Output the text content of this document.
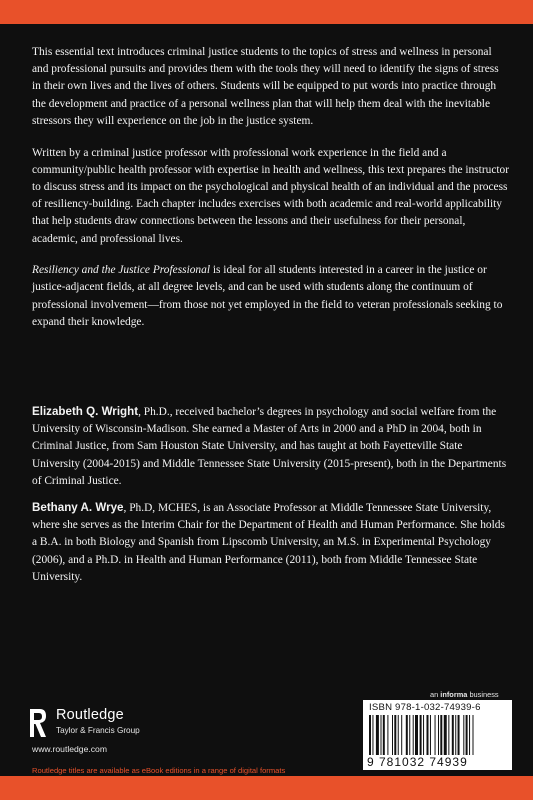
This essential text introduces criminal justice students to the topics of stress and wellness in personal and professional pursuits and provides them with the tools they will need to identify the signs of stress in their own lives and the lives of others. Students will be equipped to put words into practice through the development and practice of a personal wellness plan that will help them deal with the inevitable stressors they will experience on the job in the justice system.

Written by a criminal justice professor with professional work experience in the field and a community/public health professor with expertise in health and wellness, this text prepares the instructor to discuss stress and its impact on the psychological and physical health of an individual and the process of resiliency-building. Each chapter includes exercises with both academic and real-world applicability that help students draw connections between the lessons and their usefulness for their personal, academic, and professional lives.

Resiliency and the Justice Professional is ideal for all students interested in a career in the justice or justice-adjacent fields, at all degree levels, and can be used with students along the continuum of professional involvement—from those not yet employed in the field to veteran professionals seeking to expand their knowledge.

Elizabeth Q. Wright, Ph.D., received bachelor’s degrees in psychology and social welfare from the University of Wisconsin-Madison. She earned a Master of Arts in 2000 and a PhD in 2004, both in Criminal Justice, from Sam Houston State University, and has taught at both Fayetteville State University (2004-2015) and Middle Tennessee State University (2015-present), both in the Departments of Criminal Justice.

Bethany A. Wrye, Ph.D, MCHES, is an Associate Professor at Middle Tennessee State University, where she serves as the Interim Chair for the Department of Health and Human Performance. She holds a B.A. in both Biology and Spanish from Lipscomb University, an M.S. in Experimental Psychology (2006), and a Ph.D. in Health and Human Performance (2011), both from Middle Tennessee State University.

an informa business
Routledge
Taylor & Francis Group
www.routledge.com
Routledge titles are available as eBook editions in a range of digital formats
ISBN 978-1-032-74939-6
9 781032 74939
